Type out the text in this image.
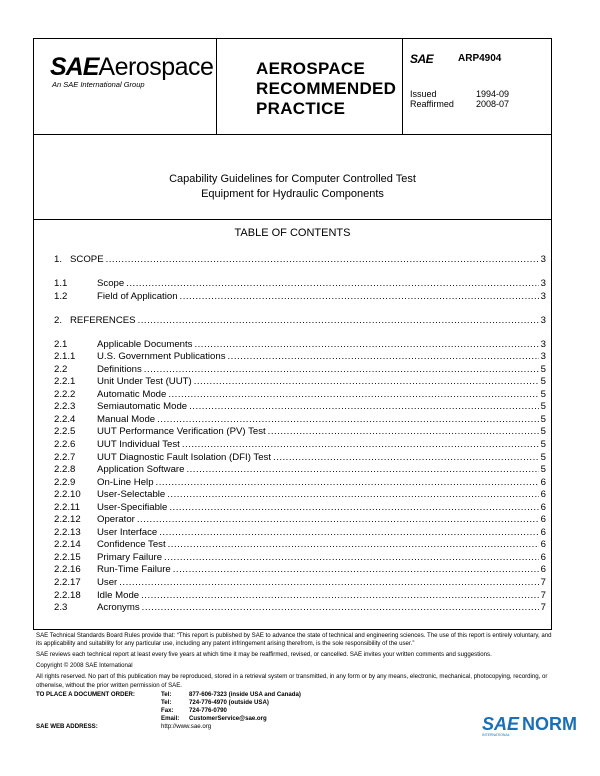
SAEAerospace
An SAE International Group
AEROSPACE
RECOMMENDED
PRACTICE
SAE ARP4904
Issued	1994-09
Reaffirmed 2008-07
Capability Guidelines for Computer Controlled Test
Equipment for Hydraulic Components
TABLE OF CONTENTS
1. SCOPE .....	3
1.1	Scope .....	3
1.2	Field of Application .....	3
2. REFERENCES .....	3
2.1	Applicable Documents .....	3
2.1.1	U.S. Government Publications .....	3
2.2	Definitions .....	5
2.2.1	Unit Under Test (UUT) .....	5
2.2.2	Automatic Mode .....	5
2.2.3	Semiautomatic Mode .....	5
2.2.4	Manual Mode .....	5
2.2.5	UUT Performance Verification (PV) Test .....	5
2.2.6	UUT Individual Test .....	5
2.2.7	UUT Diagnostic Fault Isolation (DFI) Test .....	5
2.2.8	Application Software .....	5
2.2.9	On-Line Help .....	6
2.2.10	User-Selectable .....	6
2.2.11	User-Specifiable .....	6
2.2.12	Operator .....	6
2.2.13	User Interface .....	6
2.2.14	Confidence Test .....	6
2.2.15	Primary Failure .....	6
2.2.16	Run-Time Failure .....	6
2.2.17	User .....	7
2.2.18	Idle Mode .....	7
2.3	Acronyms .....	7

SAE Technical Standards Board Rules provide that: “This report is published by SAE to advance the state of technical and engineering sciences. The use of this report is entirely voluntary, and its applicability and suitability for any particular use, including any patent infringement arising therefrom, is the sole responsibility of the user.”

SAE reviews each technical report at least every five years at which time it may be reaffirmed, revised, or cancelled. SAE invites your written comments and suggestions.

Copyright © 2008 SAE International

All rights reserved. No part of this publication may be reproduced, stored in a retrieval system or transmitted, in any form or by any means, electronic, mechanical, photocopying, recording, or otherwise, without the prior written permission of SAE.

TO PLACE A DOCUMENT ORDER:	Tel:	877-606-7323 (inside USA and Canada)
Tel:	724-776-4970 (outside USA)
Fax:	724-776-0790
Email:	CustomerService@sae.org
SAE WEB ADDRESS:	http://www.sae.org	SAE NORM
INTERNATIONAL
